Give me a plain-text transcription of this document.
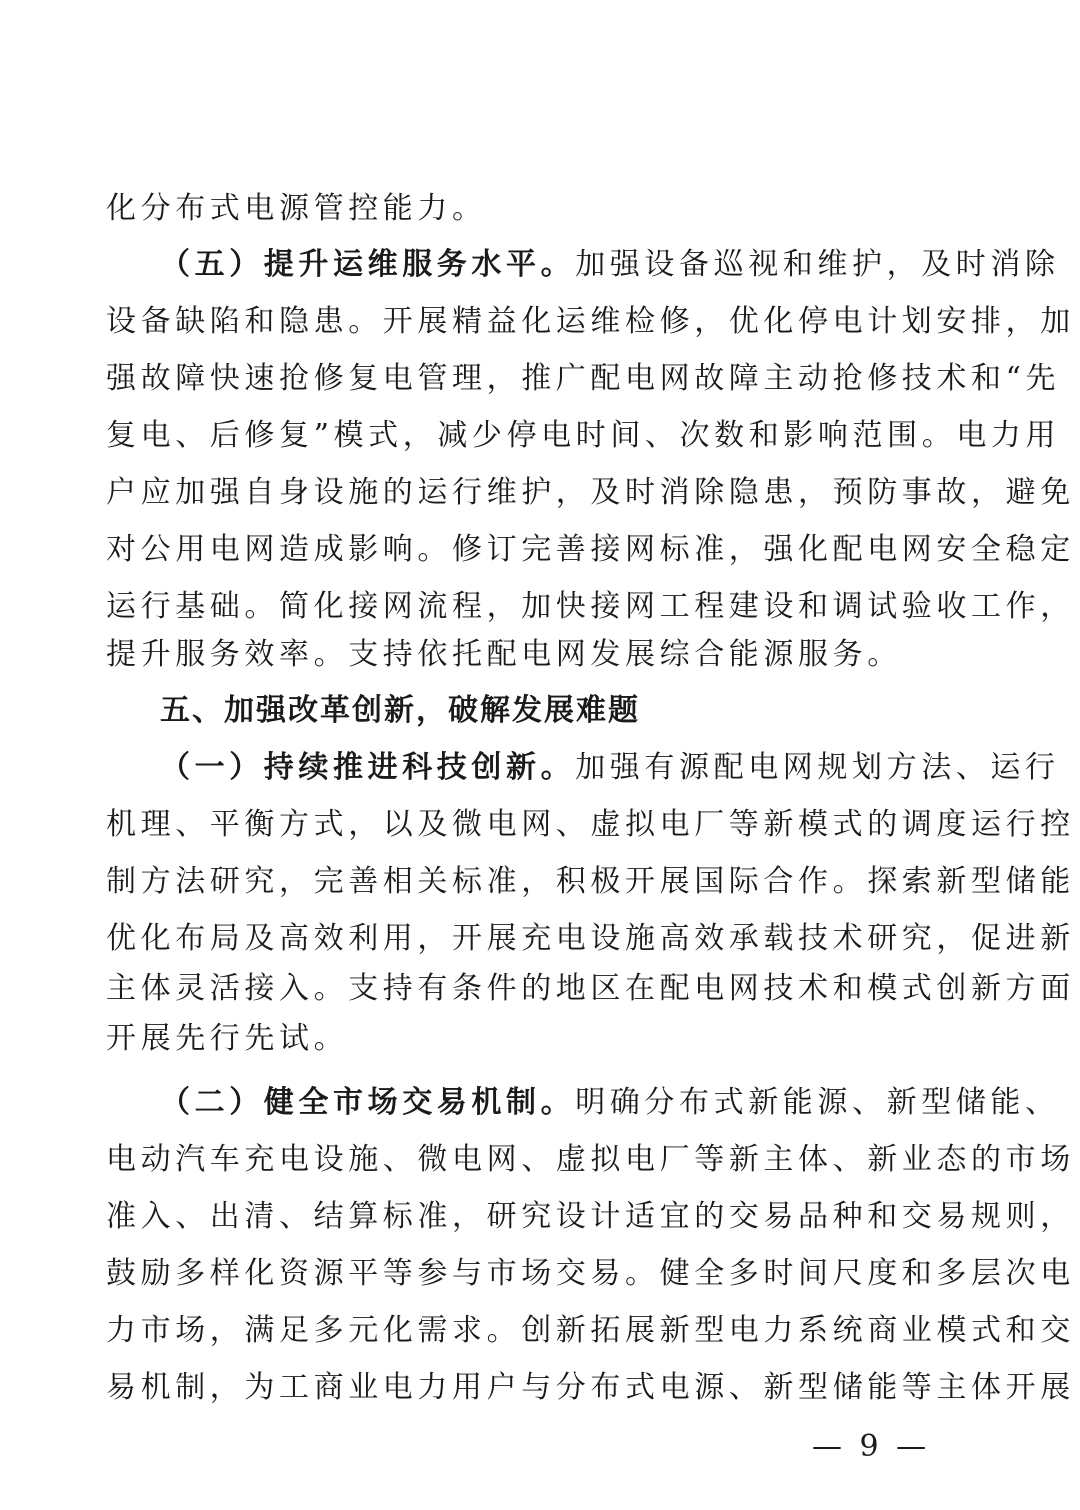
化分布式电源管控能力。
（五）提升运维服务水平。加强设备巡视和维护，及时消除
设备缺陷和隐患。开展精益化运维检修，优化停电计划安排，加
强故障快速抢修复电管理，推广配电网故障主动抢修技术和“先
复电、后修复”模式，减少停电时间、次数和影响范围。电力用
户应加强自身设施的运行维护，及时消除隐患，预防事故，避免
对公用电网造成影响。修订完善接网标准，强化配电网安全稳定
运行基础。简化接网流程，加快接网工程建设和调试验收工作，
提升服务效率。支持依托配电网发展综合能源服务。
五、加强改革创新，破解发展难题
（一）持续推进科技创新。加强有源配电网规划方法、运行
机理、平衡方式，以及微电网、虚拟电厂等新模式的调度运行控
制方法研究，完善相关标准，积极开展国际合作。探索新型储能
优化布局及高效利用，开展充电设施高效承载技术研究，促进新
主体灵活接入。支持有条件的地区在配电网技术和模式创新方面
开展先行先试。
（二）健全市场交易机制。明确分布式新能源、新型储能、
电动汽车充电设施、微电网、虚拟电厂等新主体、新业态的市场
准入、出清、结算标准，研究设计适宜的交易品种和交易规则，
鼓励多样化资源平等参与市场交易。健全多时间尺度和多层次电
力市场，满足多元化需求。创新拓展新型电力系统商业模式和交
易机制，为工商业电力用户与分布式电源、新型储能等主体开展
— 9 —
